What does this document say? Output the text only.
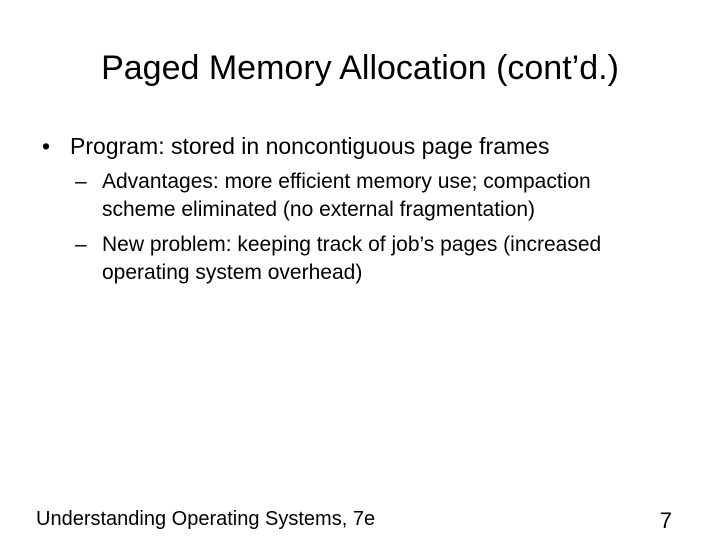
Paged Memory Allocation (cont’d.)
• Program: stored in noncontiguous page frames
– Advantages: more efficient memory use; compaction
scheme eliminated (no external fragmentation)
– New problem: keeping track of job’s pages (increased
operating system overhead)
Understanding Operating Systems, 7e	7
